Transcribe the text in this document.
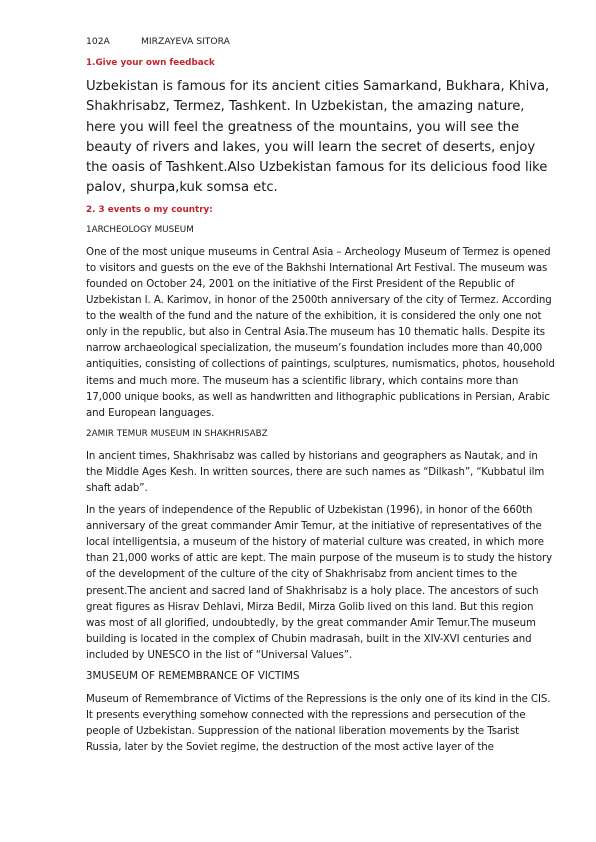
102A	MIRZAYEVA SITORA
1.Give your own feedback
Uzbekistan is famous for its ancient cities Samarkand, Bukhara, Khiva, Shakhrisabz, Termez, Tashkent. In Uzbekistan, the amazing nature, here you will feel the greatness of the mountains, you will see the beauty of rivers and lakes, you will learn the secret of deserts, enjoy the oasis of Tashkent.Also Uzbekistan famous for its delicious food like palov, shurpa,kuk somsa etc.
2. 3 events o my country:
1ARCHEOLOGY MUSEUM

One of the most unique museums in Central Asia – Archeology Museum of Termez is opened to visitors and guests on the eve of the Bakhshi International Art Festival. The museum was founded on October 24, 2001 on the initiative of the First President of the Republic of Uzbekistan I. A. Karimov, in honor of the 2500th anniversary of the city of Termez. According to the wealth of the fund and the nature of the exhibition, it is considered the only one not only in the republic, but also in Central Asia.The museum has 10 thematic halls. Despite its narrow archaeological specialization, the museum’s foundation includes more than 40,000 antiquities, consisting of collections of paintings, sculptures, numismatics, photos, household items and much more. The museum has a scientific library, which contains more than 17,000 unique books, as well as handwritten and lithographic publications in Persian, Arabic and European languages.

2AMIR TEMUR MUSEUM IN SHAKHRISABZ

In ancient times, Shakhrisabz was called by historians and geographers as Nautak, and in the Middle Ages Kesh. In written sources, there are such names as “Dilkash”, “Kubbatul ilm shaft adab”.

In the years of independence of the Republic of Uzbekistan (1996), in honor of the 660th anniversary of the great commander Amir Temur, at the initiative of representatives of the local intelligentsia, a museum of the history of material culture was created, in which more than 21,000 works of attic are kept. The main purpose of the museum is to study the history of the development of the culture of the city of Shakhrisabz from ancient times to the present.The ancient and sacred land of Shakhrisabz is a holy place. The ancestors of such great figures as Hisrav Dehlavi, Mirza Bedil, Mirza Golib lived on this land. But this region was most of all glorified, undoubtedly, by the great commander Amir Temur.The museum building is located in the complex of Chubin madrasah, built in the XIV-XVI centuries and included by UNESCO in the list of “Universal Values”.

3MUSEUM OF REMEMBRANCE OF VICTIMS

Museum of Remembrance of Victims of the Repressions is the only one of its kind in the CIS. It presents everything somehow connected with the repressions and persecution of the people of Uzbekistan. Suppression of the national liberation movements by the Tsarist Russia, later by the Soviet regime, the destruction of the most active layer of the
